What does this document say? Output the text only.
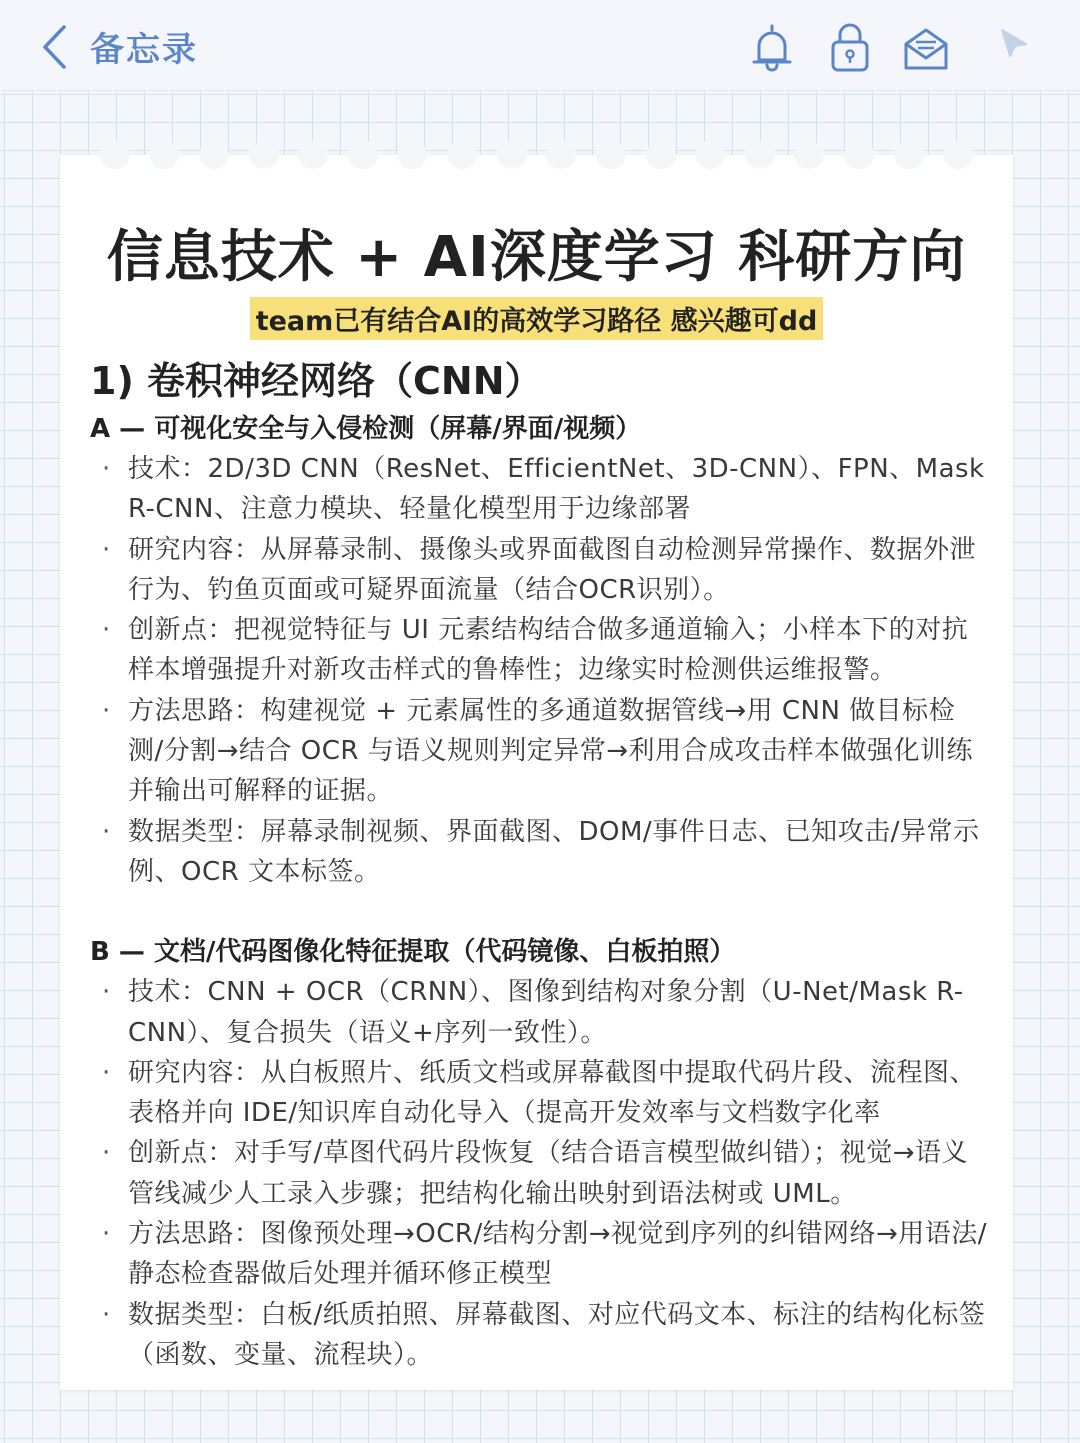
备忘录
信息技术 + AI深度学习 科研方向
team已有结合AI的高效学习路径 感兴趣可dd
1) 卷积神经网络（CNN）
A — 可视化安全与入侵检测（屏幕/界面/视频）
· 技术：2D/3D CNN（ResNet、EfficientNet、3D-CNN）、FPN、Mask R-CNN、注意力模块、轻量化模型用于边缘部署
· 研究内容：从屏幕录制、摄像头或界面截图自动检测异常操作、数据外泄行为、钓鱼页面或可疑界面流量（结合OCR识别）。
· 创新点：把视觉特征与 UI 元素结构结合做多通道输入；小样本下的对抗样本增强提升对新攻击样式的鲁棒性；边缘实时检测供运维报警。
· 方法思路：构建视觉 + 元素属性的多通道数据管线→用 CNN 做目标检测/分割→结合 OCR 与语义规则判定异常→利用合成攻击样本做强化训练并输出可解释的证据。
· 数据类型：屏幕录制视频、界面截图、DOM/事件日志、已知攻击/异常示例、OCR 文本标签。
B — 文档/代码图像化特征提取（代码镜像、白板拍照）
· 技术：CNN + OCR（CRNN）、图像到结构对象分割（U-Net/Mask R-CNN）、复合损失（语义+序列一致性）。
· 研究内容：从白板照片、纸质文档或屏幕截图中提取代码片段、流程图、表格并向 IDE/知识库自动化导入（提高开发效率与文档数字化率
· 创新点：对手写/草图代码片段恢复（结合语言模型做纠错）；视觉→语义管线减少人工录入步骤；把结构化输出映射到语法树或 UML。
· 方法思路：图像预处理→OCR/结构分割→视觉到序列的纠错网络→用语法/静态检查器做后处理并循环修正模型
· 数据类型：白板/纸质拍照、屏幕截图、对应代码文本、标注的结构化标签（函数、变量、流程块）。
